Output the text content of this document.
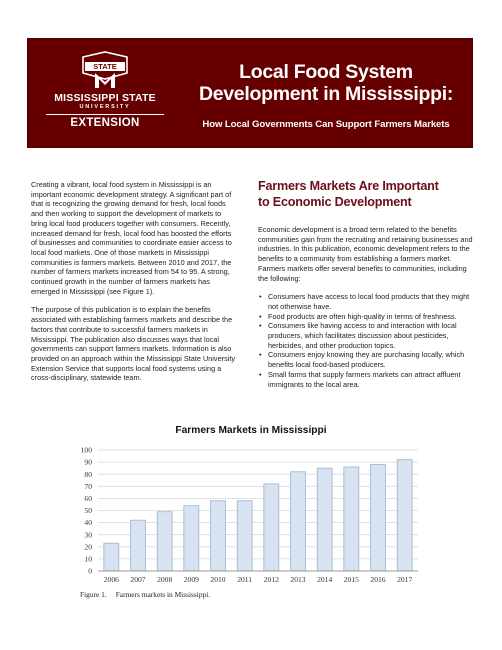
STATE
MISSISSIPPI STATE
UNIVERSITY
EXTENSION
Local Food System
Development in Mississippi:
How Local Governments Can Support Farmers Markets

Creating a vibrant, local food system in Mississippi is an important economic development strategy. A significant part of that is recognizing the growing demand for fresh, local foods and then working to support the development of markets to bring local food producers together with consumers. Recently, increased demand for fresh, local food has boosted the efforts of businesses and communities to coordinate easier access to local food markets. One of those markets in Mississippi communities is farmers markets. Between 2010 and 2017, the number of farmers markets increased from 54 to 95. A strong, continued growth in the number of farmers markets has emerged in Mississippi (see Figure 1).

The purpose of this publication is to explain the benefits associated with establishing farmers markets and describe the factors that contribute to successful farmers markets in Mississippi. The publication also discusses ways that local governments can support farmers markets. Information is also provided on an approach within the Mississippi State University Extension Service that supports local food systems using a cross-disciplinary, statewide team.

Farmers Markets Are Important
to Economic Development

Economic development is a broad term related to the benefits communities gain from the recruiting and retaining businesses and industries. In this publication, economic development refers to the benefits to a community from establishing a farmers market. Farmers markets offer several benefits to communities, including the following:

• Consumers have access to local food products that they might not otherwise have.
• Food products are often high-quality in terms of freshness.
• Consumers like having access to and interaction with local producers, which facilitates discussion about pesticides, herbicides, and other production topics.
• Consumers enjoy knowing they are purchasing locally, which benefits local food-based producers.
• Small farms that supply farmers markets can attract affluent immigrants to the local area.
Farmers Markets in Mississippi
0
10
20
30
40
50
60
70
80
90
100
2006 2007 2008 2009 2010 2011 2012 2013 2014 2015 2016 2017
Figure 1. Farmers markets in Mississippi.
